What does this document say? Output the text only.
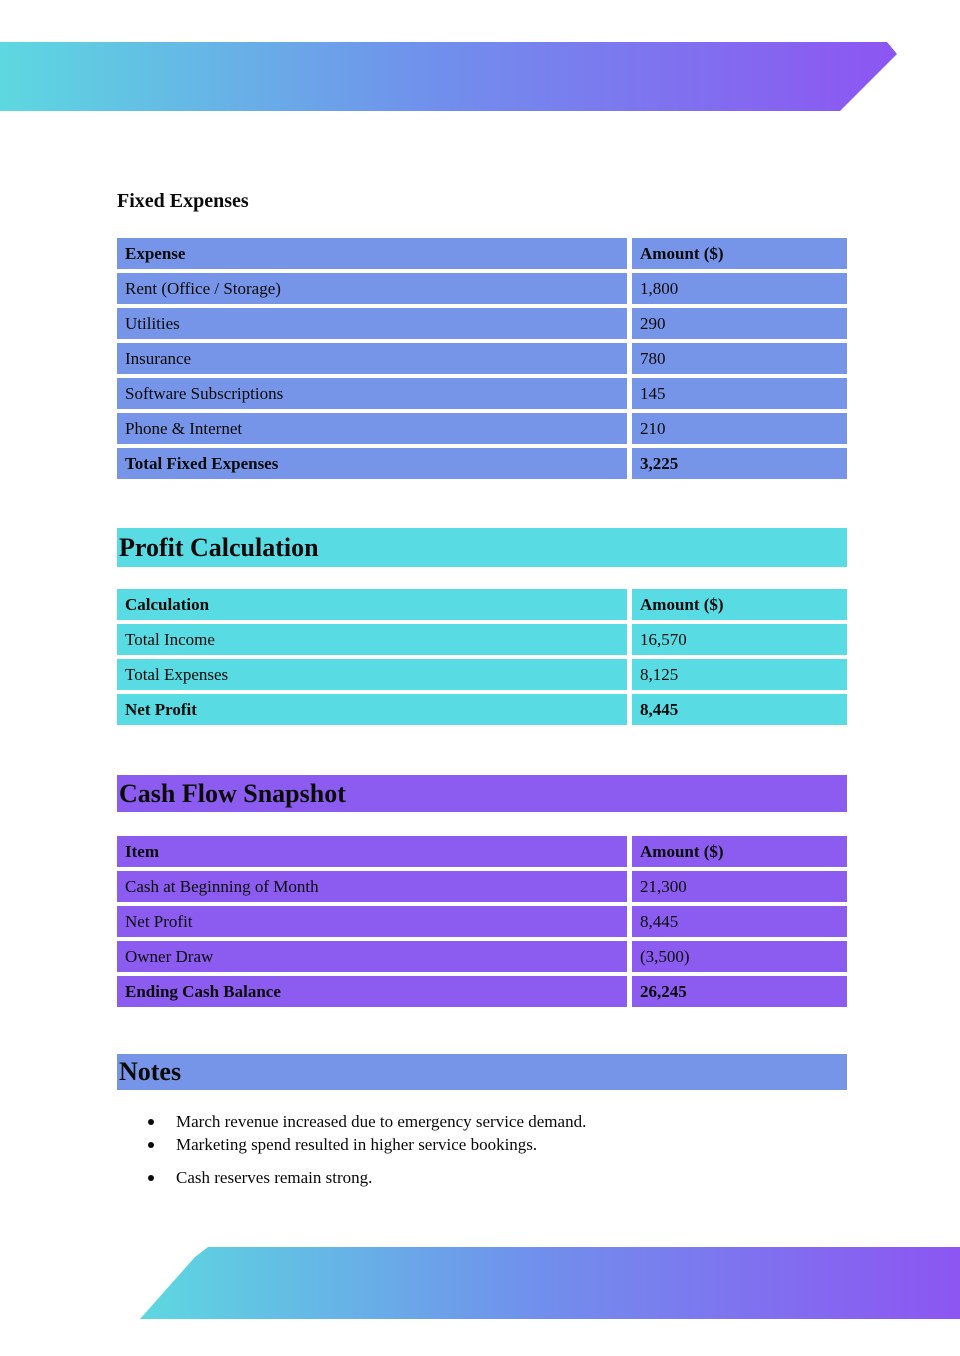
Fixed Expenses
Expense	Amount ($)
Rent (Office / Storage)	1,800
Utilities	290
Insurance	780
Software Subscriptions	145
Phone & Internet	210
Total Fixed Expenses	3,225
Profit Calculation
Calculation	Amount ($)
Total Income	16,570
Total Expenses	8,125
Net Profit	8,445
Cash Flow Snapshot
Item	Amount ($)
Cash at Beginning of Month	21,300
Net Profit	8,445
Owner Draw	(3,500)
Ending Cash Balance	26,245
Notes
March revenue increased due to emergency service demand.
Marketing spend resulted in higher service bookings.
Cash reserves remain strong.
